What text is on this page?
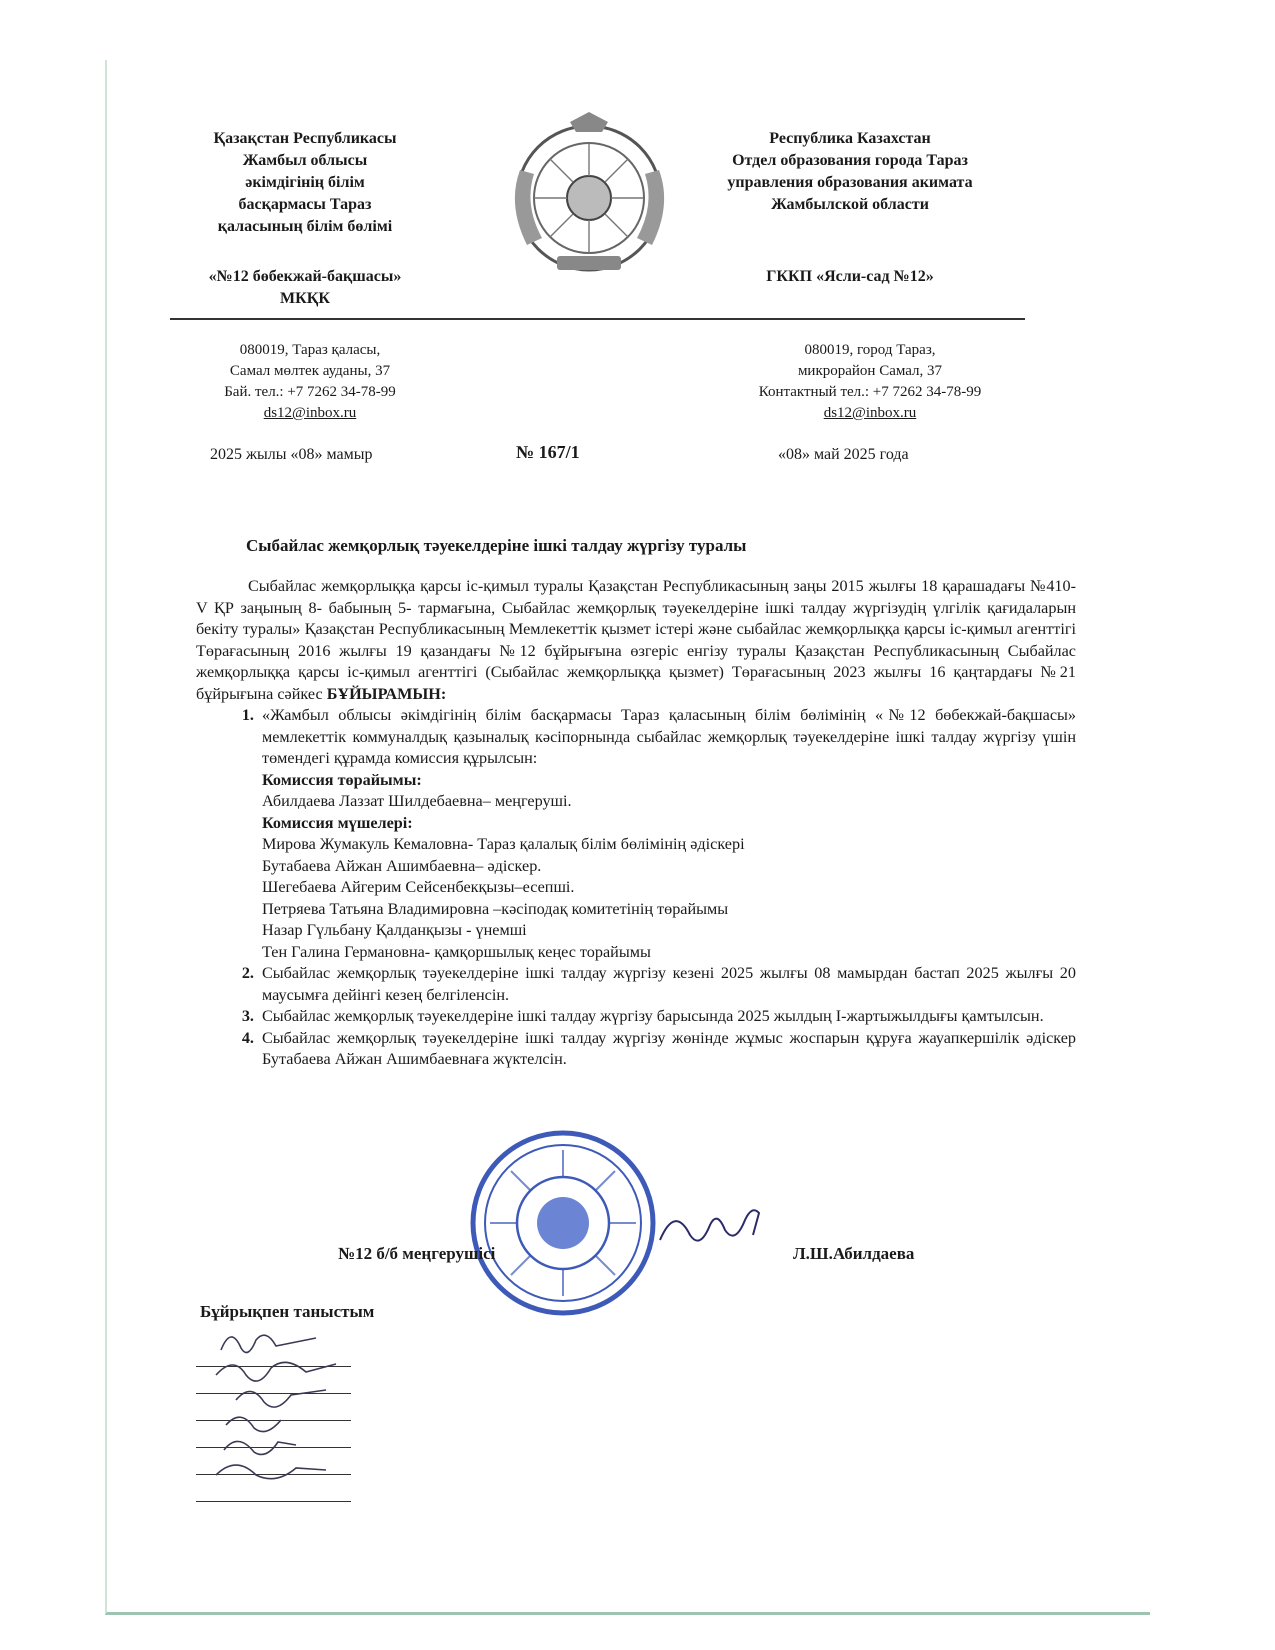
Қазақстан Республикасы
Жамбыл облысы
әкімдігінің білім
басқармасы Тараз
қаласының білім бөлімі
«№12 бөбекжай-бақшасы»
МКҚК
Республика Казахстан
Отдел образования города Тараз
управления образования акимата
Жамбылской области
ГККП «Ясли-сад №12»
080019, Тараз қаласы,
Самал мөлтек ауданы, 37
Бай. тел.: +7 7262 34-78-99
ds12@inbox.ru
080019, город Тараз,
микрорайон Самал, 37
Контактный тел.: +7 7262 34-78-99
ds12@inbox.ru
2025 жылы «08» мамыр	№ 167/1	«08» май 2025 года
Сыбайлас жемқорлық тәуекелдеріне ішкі талдау жүргізу туралы

Сыбайлас жемқорлыққа қарсы іс-қимыл туралы Қазақстан Республикасының заңы 2015 жылғы 18 қарашадағы №410-V ҚР заңының 8- бабының 5- тармағына, Сыбайлас жемқорлық тәуекелдеріне ішкі талдау жүргізудің үлгілік қағидаларын бекіту туралы» Қазақстан Республикасының Мемлекеттік қызмет істері және сыбайлас жемқорлыққа қарсы іс-қимыл агенттігі Төрағасының 2016 жылғы 19 қазандағы №12 бұйрығына өзгеріс енгізу туралы Қазақстан Республикасының Сыбайлас жемқорлыққа қарсы іс-қимыл агенттігі (Сыбайлас жемқорлыққа қызмет) Төрағасының 2023 жылғы 16 қаңтардағы №21 бұйрығына сәйкес БҰЙЫРАМЫН:

1. «Жамбыл облысы әкімдігінің білім басқармасы Тараз қаласының білім бөлімінің «№12 бөбекжай-бақшасы» мемлекеттік коммуналдық қазыналық кәсіпорнында сыбайлас жемқорлық тәуекелдеріне ішкі талдау жүргізу үшін төмендегі құрамда комиссия құрылсын:
Комиссия төрайымы:
Абилдаева Лаззат Шилдебаевна– меңгеруші.
Комиссия мүшелері:
Мирова Жумакуль Кемаловна- Тараз қалалық білім бөлімінің әдіскері
Бутабаева Айжан Ашимбаевна– әдіскер.
Шегебаева Айгерим Сейсенбекқызы–есепші.
Петряева Татьяна Владимировна –кәсіподақ комитетінің төрайымы
Назар Гүльбану Қалданқызы - үнемші
Тен Галина Германовна- қамқоршылық кеңес торайымы
2. Сыбайлас жемқорлық тәуекелдеріне ішкі талдау жүргізу кезені 2025 жылғы 08 мамырдан бастап 2025 жылғы 20 маусымға дейінгі кезең белгіленсін.
3. Сыбайлас жемқорлық тәуекелдеріне ішкі талдау жүргізу барысында 2025 жылдың I-жартыжылдығы қамтылсын.
4. Сыбайлас жемқорлық тәуекелдеріне ішкі талдау жүргізу жөнінде жұмыс жоспарын құруға жауапкершілік әдіскер Бутабаева Айжан Ашимбаевнаға жүктелсін.
№12 б/б меңгерушісі	Л.Ш.Абилдаева
Бұйрықпен таныстым
